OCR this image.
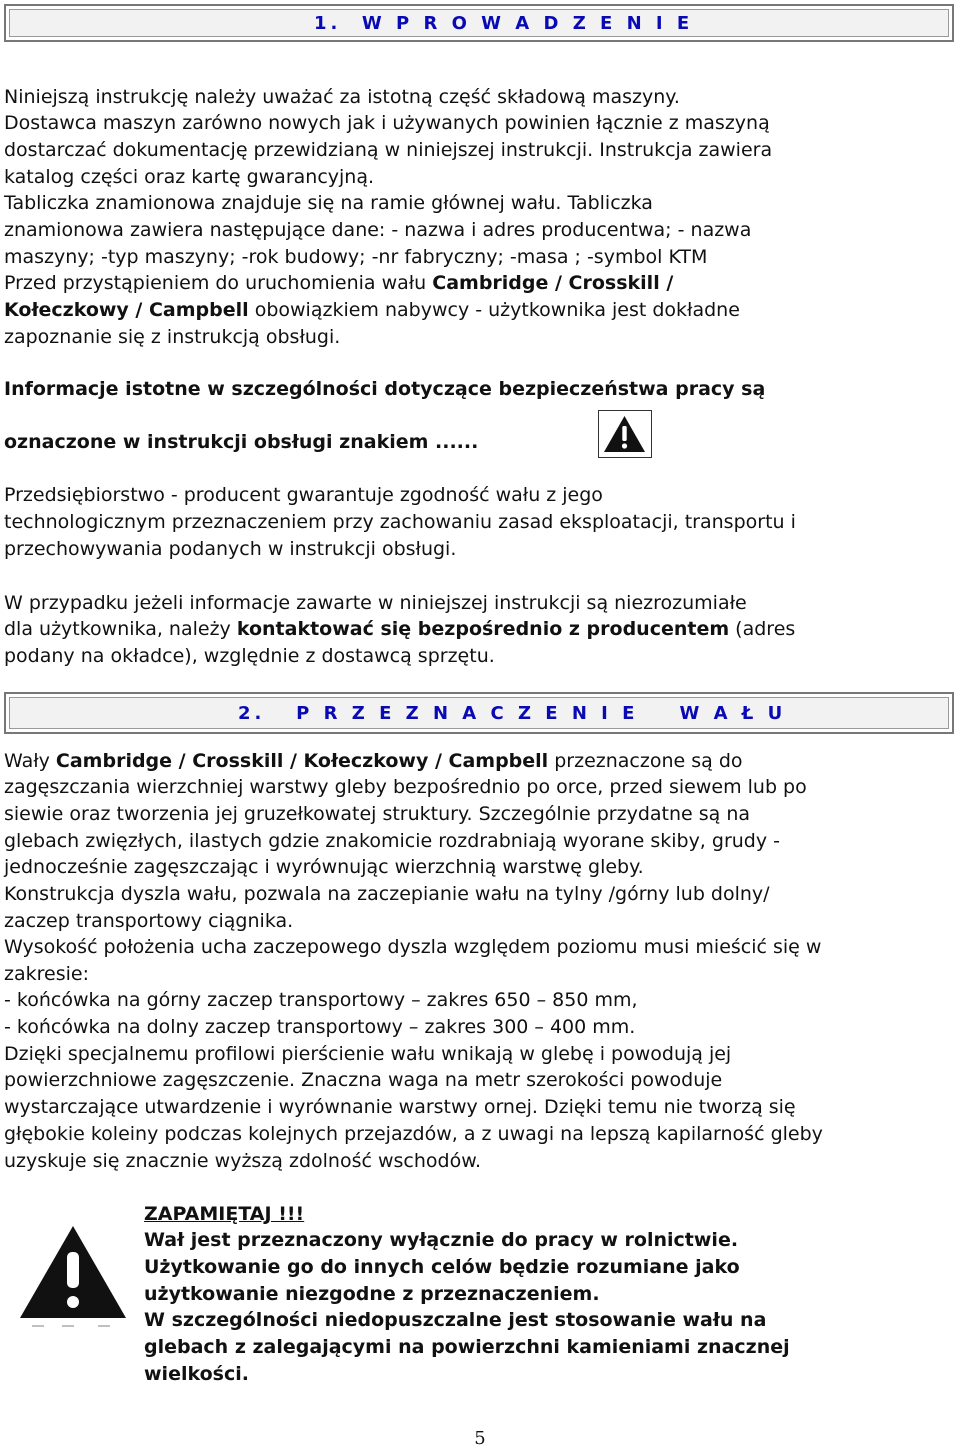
1.  W P R O W A D Z E N I E
Niniejszą instrukcję należy uważać za istotną część składową maszyny.
Dostawca maszyn zarówno nowych jak i używanych powinien łącznie z maszyną
dostarczać dokumentację przewidzianą w niniejszej instrukcji. Instrukcja zawiera
katalog części oraz kartę gwarancyjną.
Tabliczka znamionowa znajduje się na ramie głównej wału. Tabliczka
znamionowa zawiera następujące dane: - nazwa i adres producentwa; - nazwa
maszyny; -typ maszyny; -rok budowy; -nr fabryczny; -masa ; -symbol KTM
Przed przystąpieniem do uruchomienia wału Cambridge / Crosskill /
Kołeczkowy / Campbell obowiązkiem nabywcy - użytkownika jest dokładne
zapoznanie się z instrukcją obsługi.
Informacje istotne w szczególności dotyczące bezpieczeństwa pracy są
oznaczone w instrukcji obsługi znakiem ......
Przedsiębiorstwo - producent gwarantuje zgodność wału z jego
technologicznym przeznaczeniem przy zachowaniu zasad eksploatacji, transportu i
przechowywania podanych w instrukcji obsługi.
W przypadku jeżeli informacje zawarte w niniejszej instrukcji są niezrozumiałe
dla użytkownika, należy kontaktować się bezpośrednio z producentem (adres
podany na okładce), względnie z dostawcą sprzętu.
2.   P R Z E Z N A C Z E N I E    W A Ł U
Wały Cambridge / Crosskill / Kołeczkowy / Campbell przeznaczone są do
zagęszczania wierzchniej warstwy gleby bezpośrednio po orce, przed siewem lub po
siewie oraz tworzenia jej gruzełkowatej struktury. Szczególnie przydatne są na
glebach zwięzłych, ilastych gdzie znakomicie rozdrabniają wyorane skiby, grudy -
jednocześnie zagęszczając i wyrównując wierzchnią warstwę gleby.
Konstrukcja dyszla wału, pozwala na zaczepianie wału na tylny /górny lub dolny/
zaczep transportowy ciągnika.
Wysokość położenia ucha zaczepowego dyszla względem poziomu musi mieścić się w
zakresie:
- końcówka na górny zaczep transportowy – zakres 650 – 850 mm,
- końcówka na dolny zaczep transportowy – zakres 300 – 400 mm.
Dzięki specjalnemu profilowi pierścienie wału wnikają w glebę i powodują jej
powierzchniowe zagęszczenie. Znaczna waga na metr szerokości powoduje
wystarczające utwardzenie i wyrównanie warstwy ornej. Dzięki temu nie tworzą się
głębokie koleiny podczas kolejnych przejazdów, a z uwagi na lepszą kapilarność gleby
uzyskuje się znacznie wyższą zdolność wschodów.
ZAPAMIĘTAJ !!!
Wał jest przeznaczony wyłącznie do pracy w rolnictwie.
Użytkowanie go do innych celów będzie rozumiane jako
użytkowanie niezgodne z przeznaczeniem.
W szczególności niedopuszczalne jest stosowanie wału na
glebach z zalegającymi na powierzchni kamieniami znacznej
wielkości.
5
